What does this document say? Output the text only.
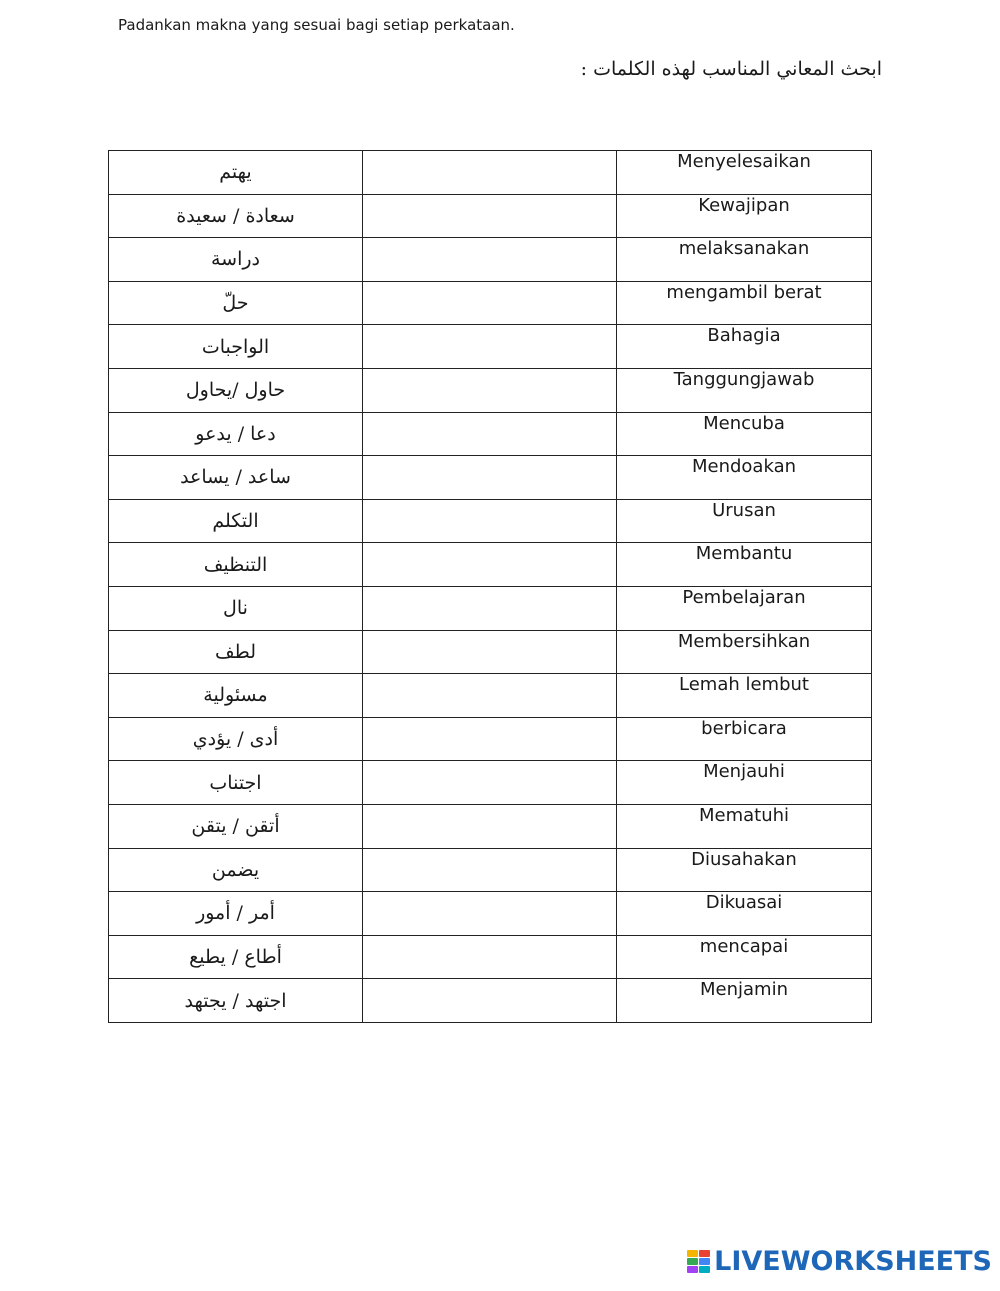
Padankan makna yang sesuai bagi setiap perkataan.
ابحث المعاني المناسب لهذه الكلمات :
يهتم		Menyelesaikan
سعادة / سعيدة		Kewajipan
دراسة		melaksanakan
حلّ		mengambil berat
الواجبات		Bahagia
حاول /يحاول		Tanggungjawab
دعا / يدعو		Mencuba
ساعد / يساعد		Mendoakan
التكلم		Urusan
التنظيف		Membantu
نال		Pembelajaran
لطف		Membersihkan
مسئولية		Lemah lembut
أدى / يؤدي		berbicara
اجتناب		Menjauhi
أتقن / يتقن		Mematuhi
يضمن		Diusahakan
أمر / أمور		Dikuasai
أطاع / يطيع		mencapai
اجتهد / يجتهد		Menjamin
LIVEWORKSHEETS
